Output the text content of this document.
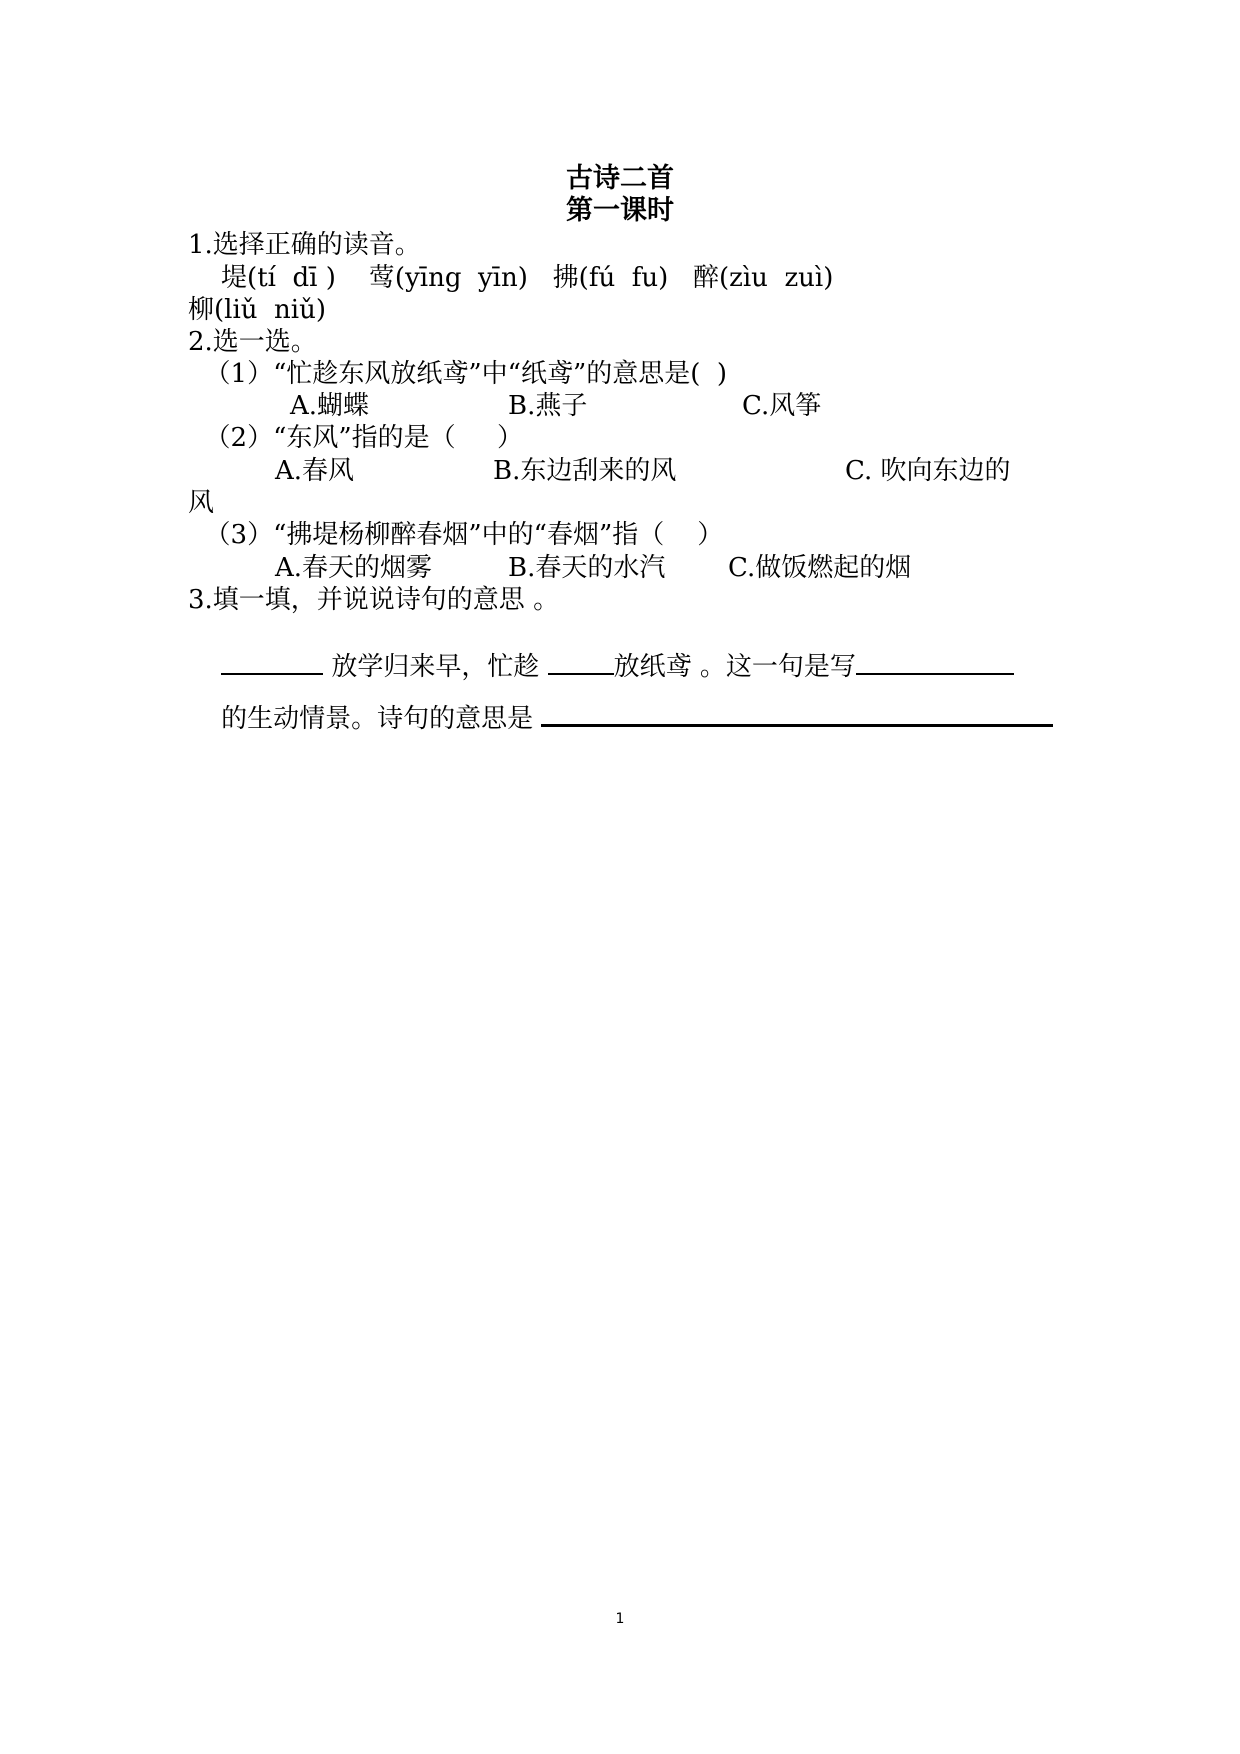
古诗二首
第一课时
1.选择正确的读音。
堤(tí  dī )    莺(yīng  yīn)   拂(fú  fu)   醉(zìu  zuì)
柳(liǔ  niǔ)
2.选一选。
（1）“忙趁东风放纸鸢”中“纸鸢”的意思是(  )
A.蝴蝶	B.燕子	C.风筝
（2）“东风”指的是（     ）
A.春风	B.东边刮来的风	C. 吹向东边的
风
（3）“拂堤杨柳醉春烟”中的“春烟”指（    ）
A.春天的烟雾	B.春天的水汽 C.做饭燃起的烟
3.填一填，并说说诗句的意思 。

放学归来早，忙趁	放纸鸢 。这一句是写

的生动情景。诗句的意思是

1
